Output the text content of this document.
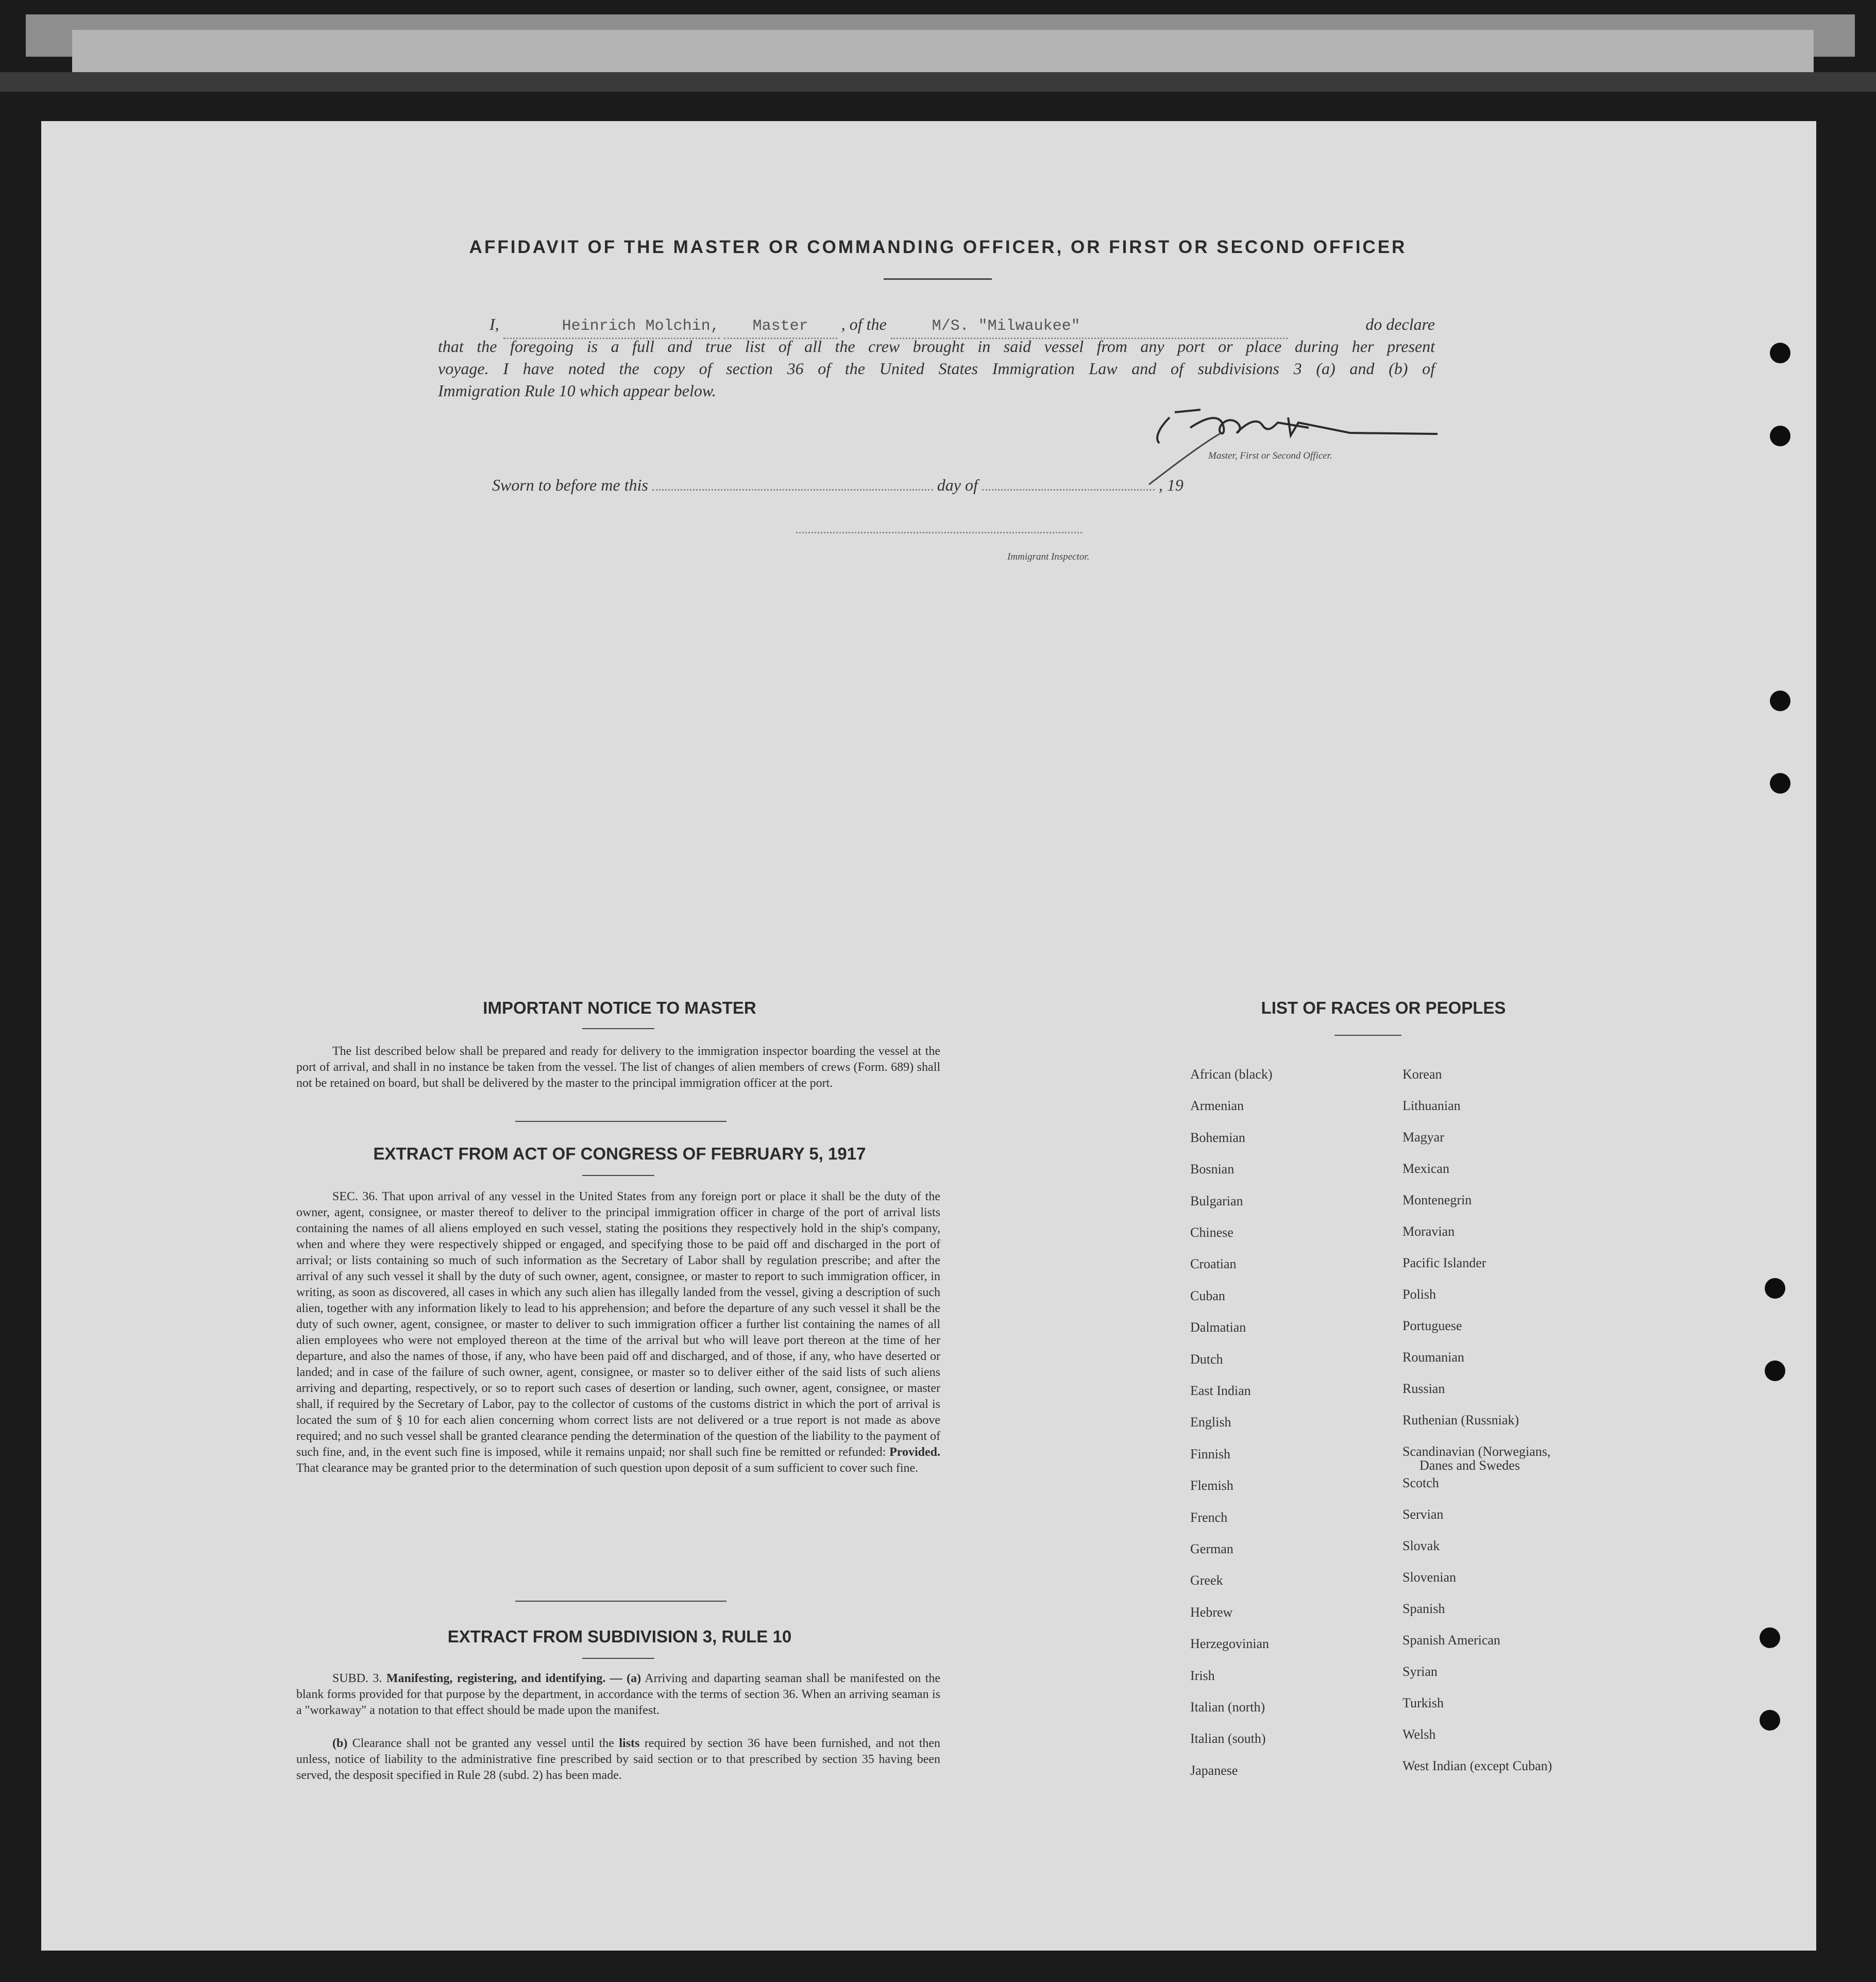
AFFIDAVIT OF THE MASTER OR COMMANDING OFFICER, OR FIRST OR SECOND OFFICER
I,	Heinrich Molchin, Master , of the	M/S. "Milwaukee"	do declare
that the foregoing is a full and true list of all the crew brought in said vessel from any port or place during her present
voyage. I have noted the copy of section 36 of the United States Immigration Law and of subdivisions 3 (a) and (b) of
Immigration Rule 10 which appear below.
Master, First or Second Officer.
Sworn to before me this	day of	, 19
Immigrant Inspector.
IMPORTANT NOTICE TO MASTER
The list described below shall be prepared and ready for delivery to the immigration inspector boarding the vessel at the port of arrival, and shall in no instance be taken from the vessel. The list of changes of alien members of crews (Form. 689) shall not be retained on board, but shall be delivered by the master to the principal immigration officer at the port.
EXTRACT FROM ACT OF CONGRESS OF FEBRUARY 5, 1917
SEC. 36. That upon arrival of any vessel in the United States from any foreign port or place it shall be the duty of the owner, agent, consignee, or master thereof to deliver to the principal immigration officer in charge of the port of arrival lists containing the names of all aliens employed en such vessel, stating the positions they respectively hold in the ship's company, when and where they were respectively shipped or engaged, and specifying those to be paid off and discharged in the port of arrival; or lists containing so much of such information as the Secretary of Labor shall by regulation prescribe; and after the arrival of any such vessel it shall by the duty of such owner, agent, consignee, or master to report to such immigration officer, in writing, as soon as discovered, all cases in which any such alien has illegally landed from the vessel, giving a description of such alien, together with any information likely to lead to his apprehension; and before the departure of any such vessel it shall be the duty of such owner, agent, consignee, or master to deliver to such immigration officer a further list containing the names of all alien employees who were not employed thereon at the time of the arrival but who will leave port thereon at the time of her departure, and also the names of those, if any, who have been paid off and discharged, and of those, if any, who have deserted or landed; and in case of the failure of such owner, agent, consignee, or master so to deliver either of the said lists of such aliens arriving and departing, respectively, or so to report such cases of desertion or landing, such owner, agent, consignee, or master shall, if required by the Secretary of Labor, pay to the collector of customs of the customs district in which the port of arrival is located the sum of § 10 for each alien concerning whom correct lists are not delivered or a true report is not made as above required; and no such vessel shall be granted clearance pending the determination of the question of the liability to the payment of such fine, and, in the event such fine is imposed, while it remains unpaid; nor shall such fine be remitted or refunded: Provided. That clearance may be granted prior to the determination of such question upon deposit of a sum sufficient to cover such fine.
EXTRACT FROM SUBDIVISION 3, RULE 10
SUBD. 3. Manifesting, registering, and identifying. — (a) Arriving and daparting seaman shall be manifested on the blank forms provided for that purpose by the department, in accordance with the terms of section 36. When an arriving seaman is a "workaway" a notation to that effect should be made upon the manifest.
(b) Clearance shall not be granted any vessel until the lists required by section 36 have been furnished, and not then unless, notice of liability to the administrative fine prescribed by said section or to that prescribed by section 35 having been served, the desposit specified in Rule 28 (subd. 2) has been made.
LIST OF RACES OR PEOPLES
African (black)
Armenian
Bohemian
Bosnian
Bulgarian
Chinese
Croatian
Cuban
Dalmatian
Dutch
East Indian
English
Finnish
Flemish
French
German
Greek
Hebrew
Herzegovinian
Irish
Italian (north)
Italian (south)
Japanese
Korean
Lithuanian
Magyar
Mexican
Montenegrin
Moravian
Pacific Islander
Polish
Portuguese
Roumanian
Russian
Ruthenian (Russniak)
Scandinavian (Norwegians,
Danes and Swedes
Scotch
Servian
Slovak
Slovenian
Spanish
Spanish American
Syrian
Turkish
Welsh
West Indian (except Cuban)
